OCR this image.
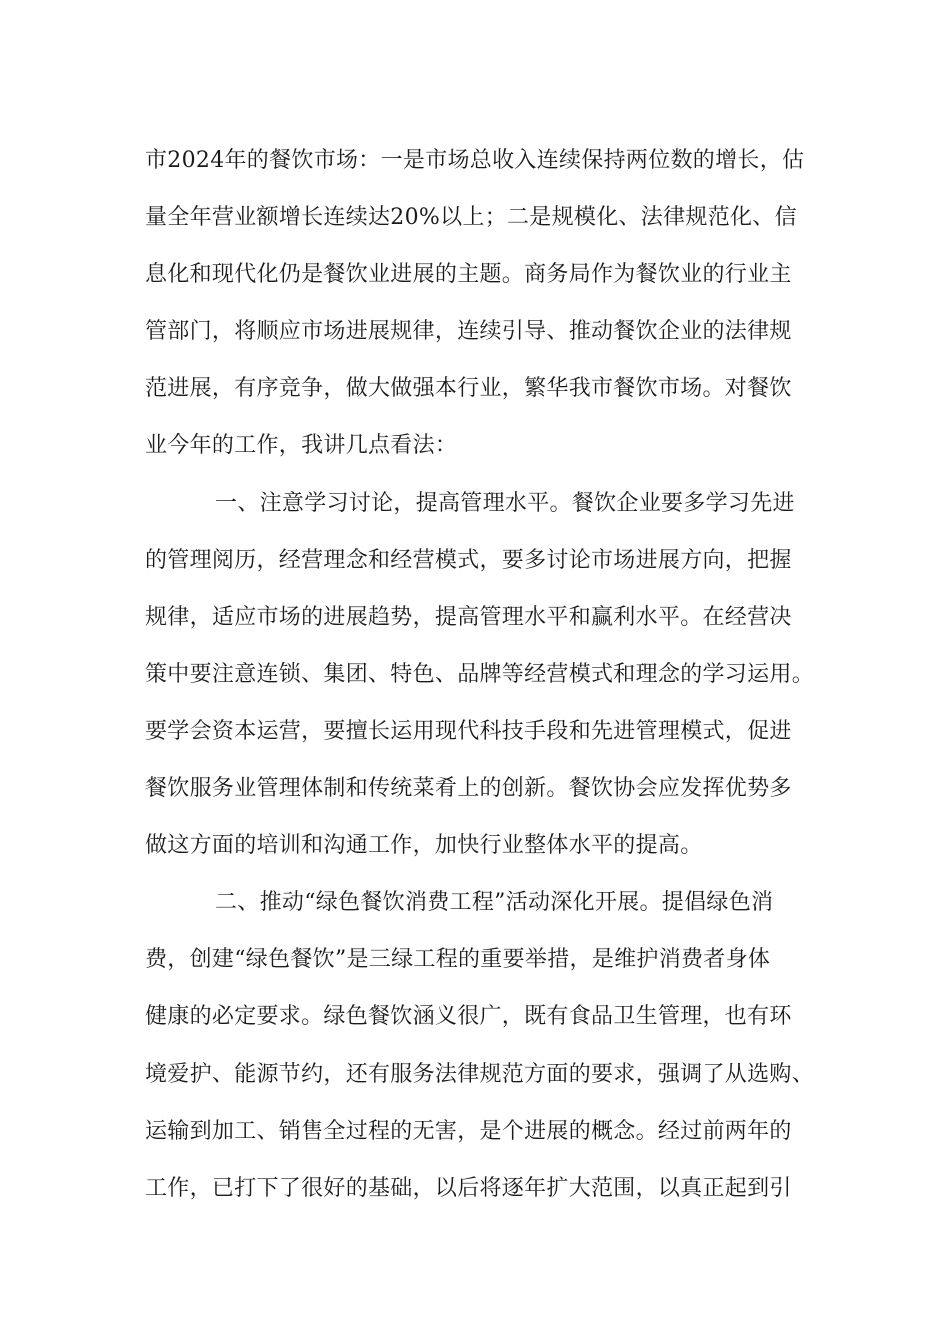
市2024年的餐饮市场：一是市场总收入连续保持两位数的增长，估
量全年营业额增长连续达20%以上；二是规模化、法律规范化、信
息化和现代化仍是餐饮业进展的主题。商务局作为餐饮业的行业主
管部门，将顺应市场进展规律，连续引导、推动餐饮企业的法律规
范进展，有序竞争，做大做强本行业，繁华我市餐饮市场。对餐饮
业今年的工作，我讲几点看法：
一、注意学习讨论，提高管理水平。餐饮企业要多学习先进
的管理阅历，经营理念和经营模式，要多讨论市场进展方向，把握
规律，适应市场的进展趋势，提高管理水平和赢利水平。在经营决
策中要注意连锁、集团、特色、品牌等经营模式和理念的学习运用。
要学会资本运营，要擅长运用现代科技手段和先进管理模式，促进
餐饮服务业管理体制和传统菜肴上的创新。餐饮协会应发挥优势多
做这方面的培训和沟通工作，加快行业整体水平的提高。
二、推动“绿色餐饮消费工程”活动深化开展。提倡绿色消
费，创建“绿色餐饮”是三绿工程的重要举措，是维护消费者身体
健康的必定要求。绿色餐饮涵义很广，既有食品卫生管理，也有环
境爱护、能源节约，还有服务法律规范方面的要求，强调了从选购、
运输到加工、销售全过程的无害，是个进展的概念。经过前两年的
工作，已打下了很好的基础，以后将逐年扩大范围，以真正起到引
